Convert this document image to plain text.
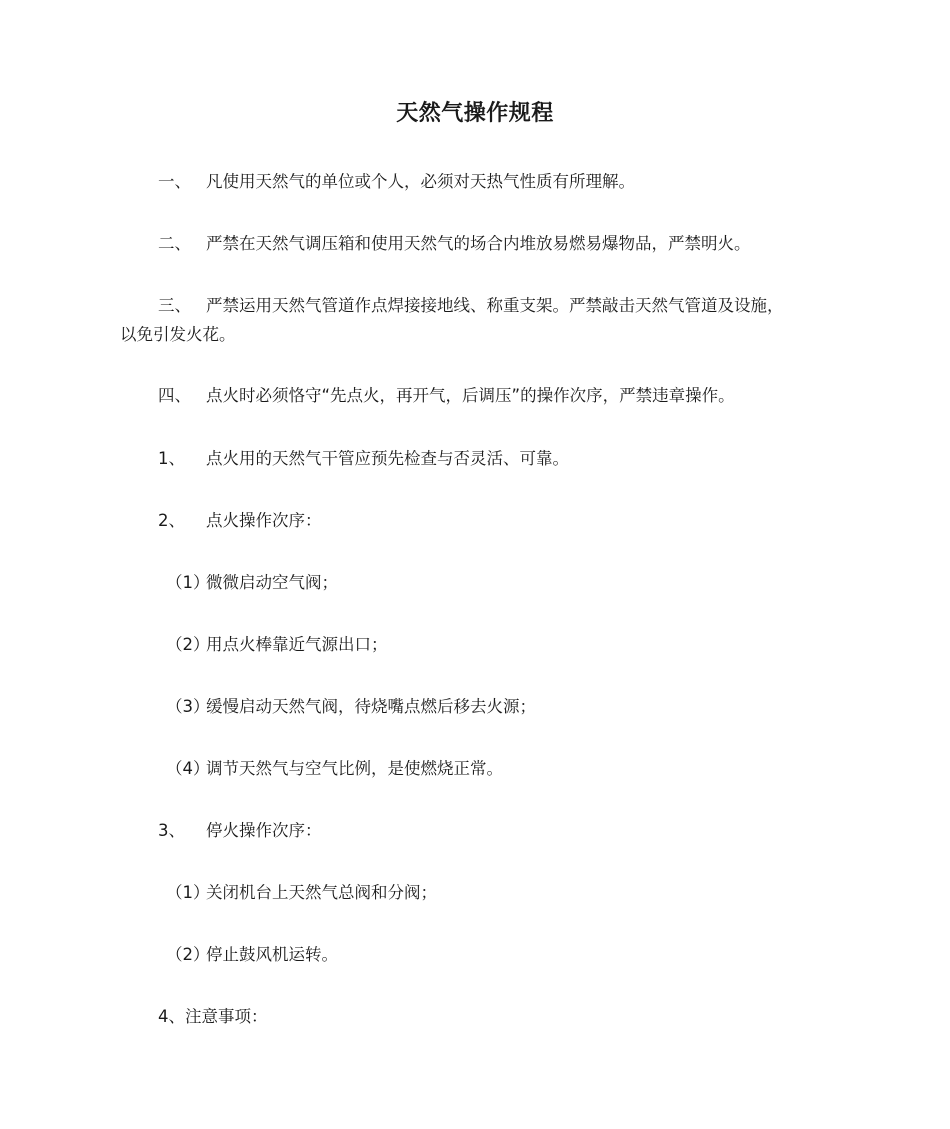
天然气操作规程
一、 凡使用天然气的单位或个人，必须对天热气性质有所理解。
二、 严禁在天然气调压箱和使用天然气的场合内堆放易燃易爆物品，严禁明火。
三、 严禁运用天然气管道作点焊接接地线、称重支架。严禁敲击天然气管道及设施，
以免引发火花。
四、 点火时必须恪守“先点火，再开气，后调压”的操作次序，严禁违章操作。
1、 点火用的天然气干管应预先检查与否灵活、可靠。
2、 点火操作次序：
（1）微微启动空气阀；
（2）用点火棒靠近气源出口；
（3）缓慢启动天然气阀，待烧嘴点燃后移去火源；
（4）调节天然气与空气比例，是使燃烧正常。
3、 停火操作次序：
（1）关闭机台上天然气总阀和分阀；
（2）停止鼓风机运转。
4、注意事项：
